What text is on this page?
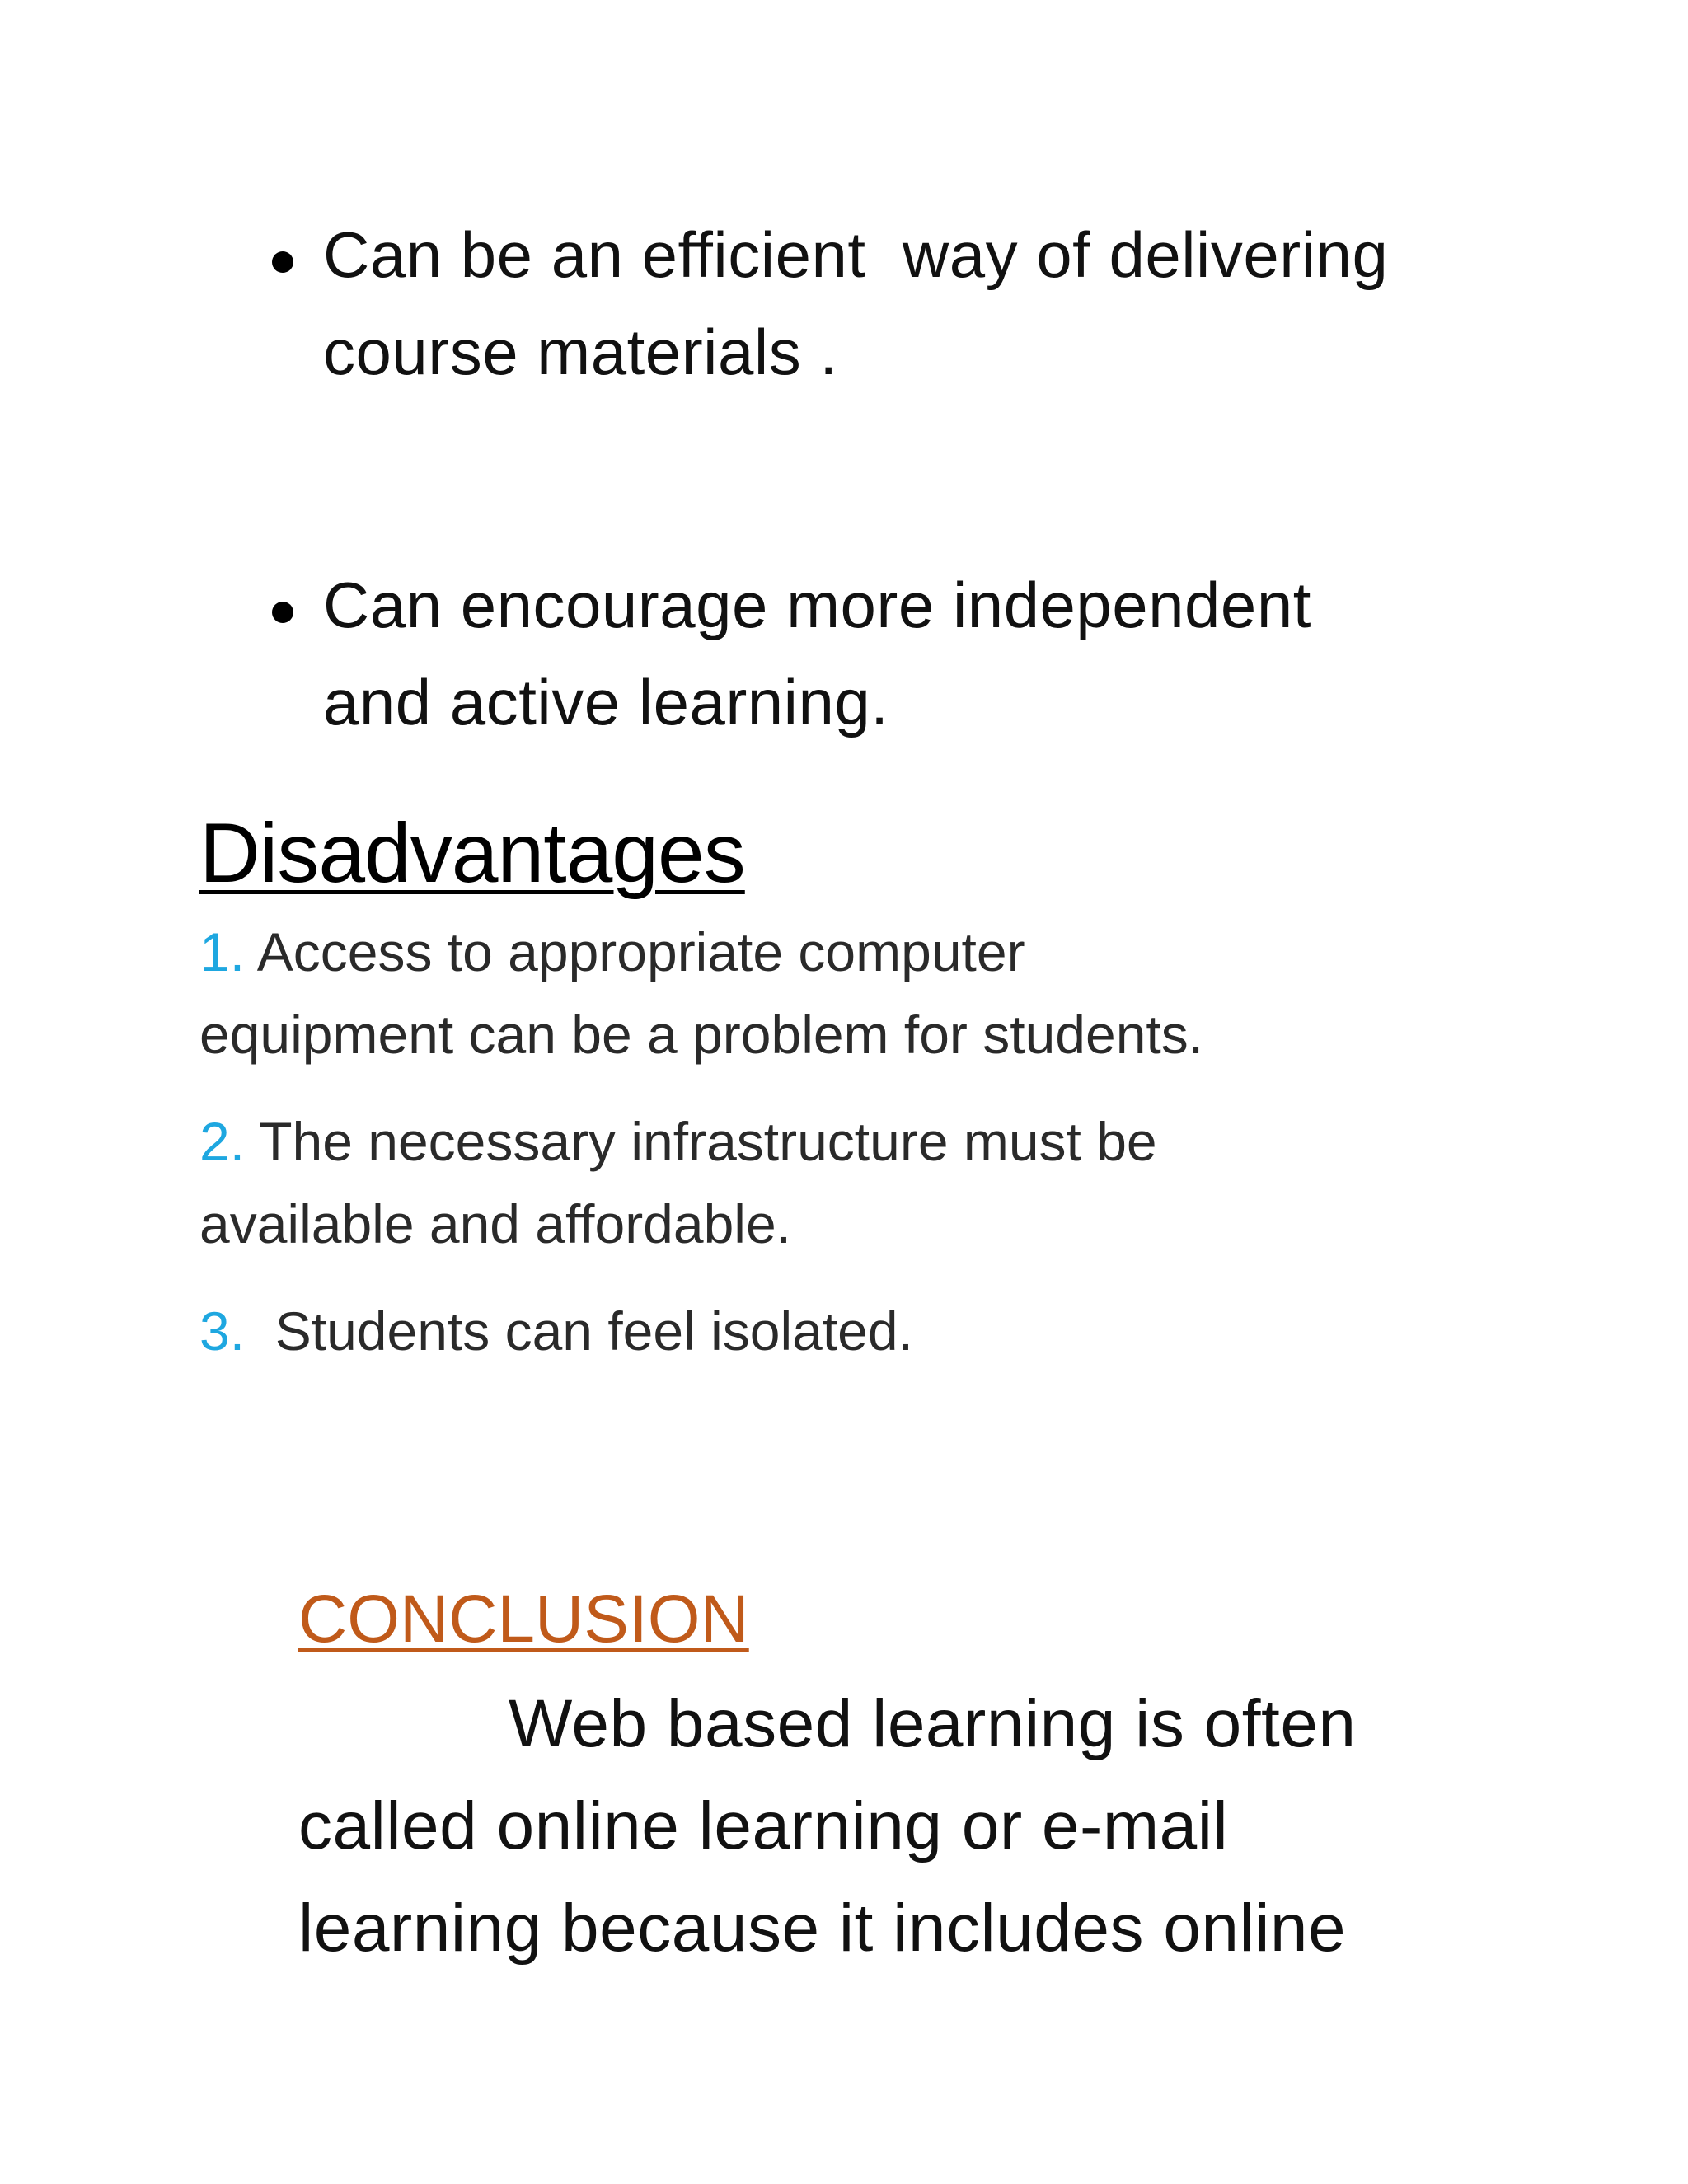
Can be an efficient  way of delivering
course materials .
Can encourage more independent
and active learning.
Disadvantages
1. Access to appropriate computer
equipment can be a problem for students.
2. The necessary infrastructure must be
available and affordable.
3.  Students can feel isolated.
CONCLUSION
Web based learning is often
called online learning or e-mail
learning because it includes online
